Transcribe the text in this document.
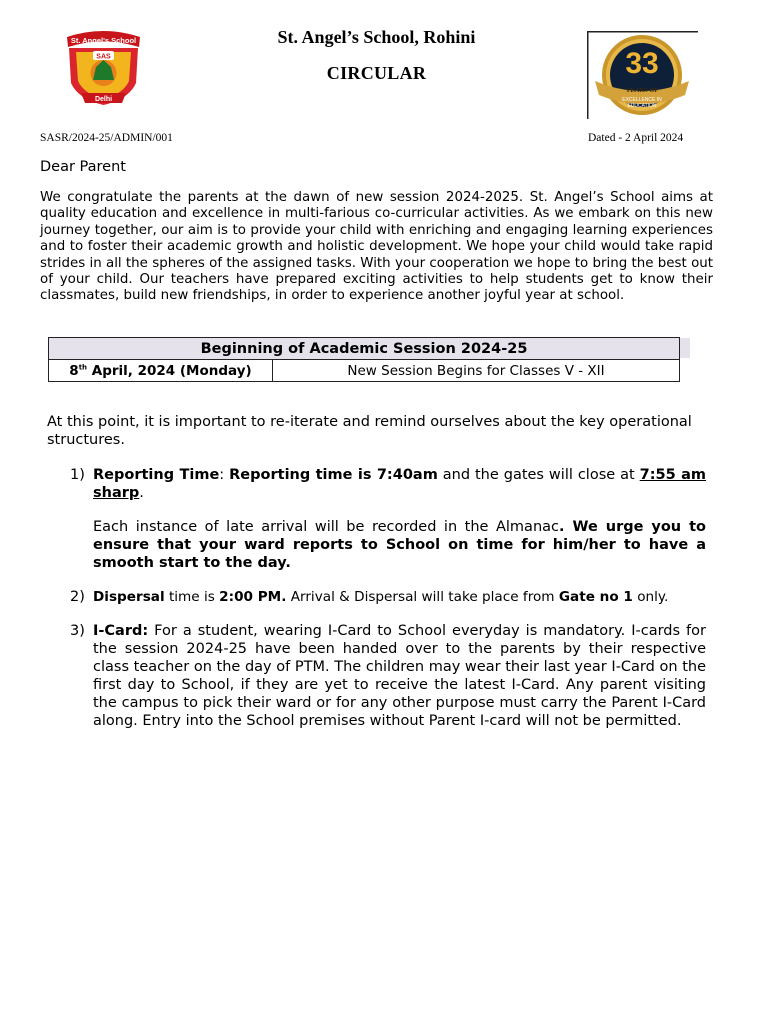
St. Angel's School
SAS
Delhi
33
YEARS OF
EXCELLENCE IN
EDUCATION
St. Angel’s School, Rohini
CIRCULAR
SASR/2024-25/ADMIN/001	Dated - 2 April 2024
Dear Parent
We congratulate the parents at the dawn of new session 2024-2025. St. Angel’s School aims at quality education and excellence in multi-farious co-curricular activities. As we embark on this new journey together, our aim is to provide your child with enriching and engaging learning experiences and to foster their academic growth and holistic development. We hope your child would take rapid strides in all the spheres of the assigned tasks. With your cooperation we hope to bring the best out of your child. Our teachers have prepared exciting activities to help students get to know their classmates, build new friendships, in order to experience another joyful year at school.
Beginning of Academic Session 2024-25
8th April, 2024 (Monday)	New Session Begins for Classes V - XII
At this point, it is important to re-iterate and remind ourselves about the key operational structures.
1) Reporting Time: Reporting time is 7:40am and the gates will close at 7:55 am sharp.

Each instance of late arrival will be recorded in the Almanac. We urge you to ensure that your ward reports to School on time for him/her to have a smooth start to the day.

2) Dispersal time is 2:00 PM. Arrival & Dispersal will take place from Gate no 1 only.

3) I-Card: For a student, wearing I-Card to School everyday is mandatory. I-cards for the session 2024-25 have been handed over to the parents by their respective class teacher on the day of PTM. The children may wear their last year I-Card on the first day to School, if they are yet to receive the latest I-Card. Any parent visiting the campus to pick their ward or for any other purpose must carry the Parent I-Card along. Entry into the School premises without Parent I-card will not be permitted.
